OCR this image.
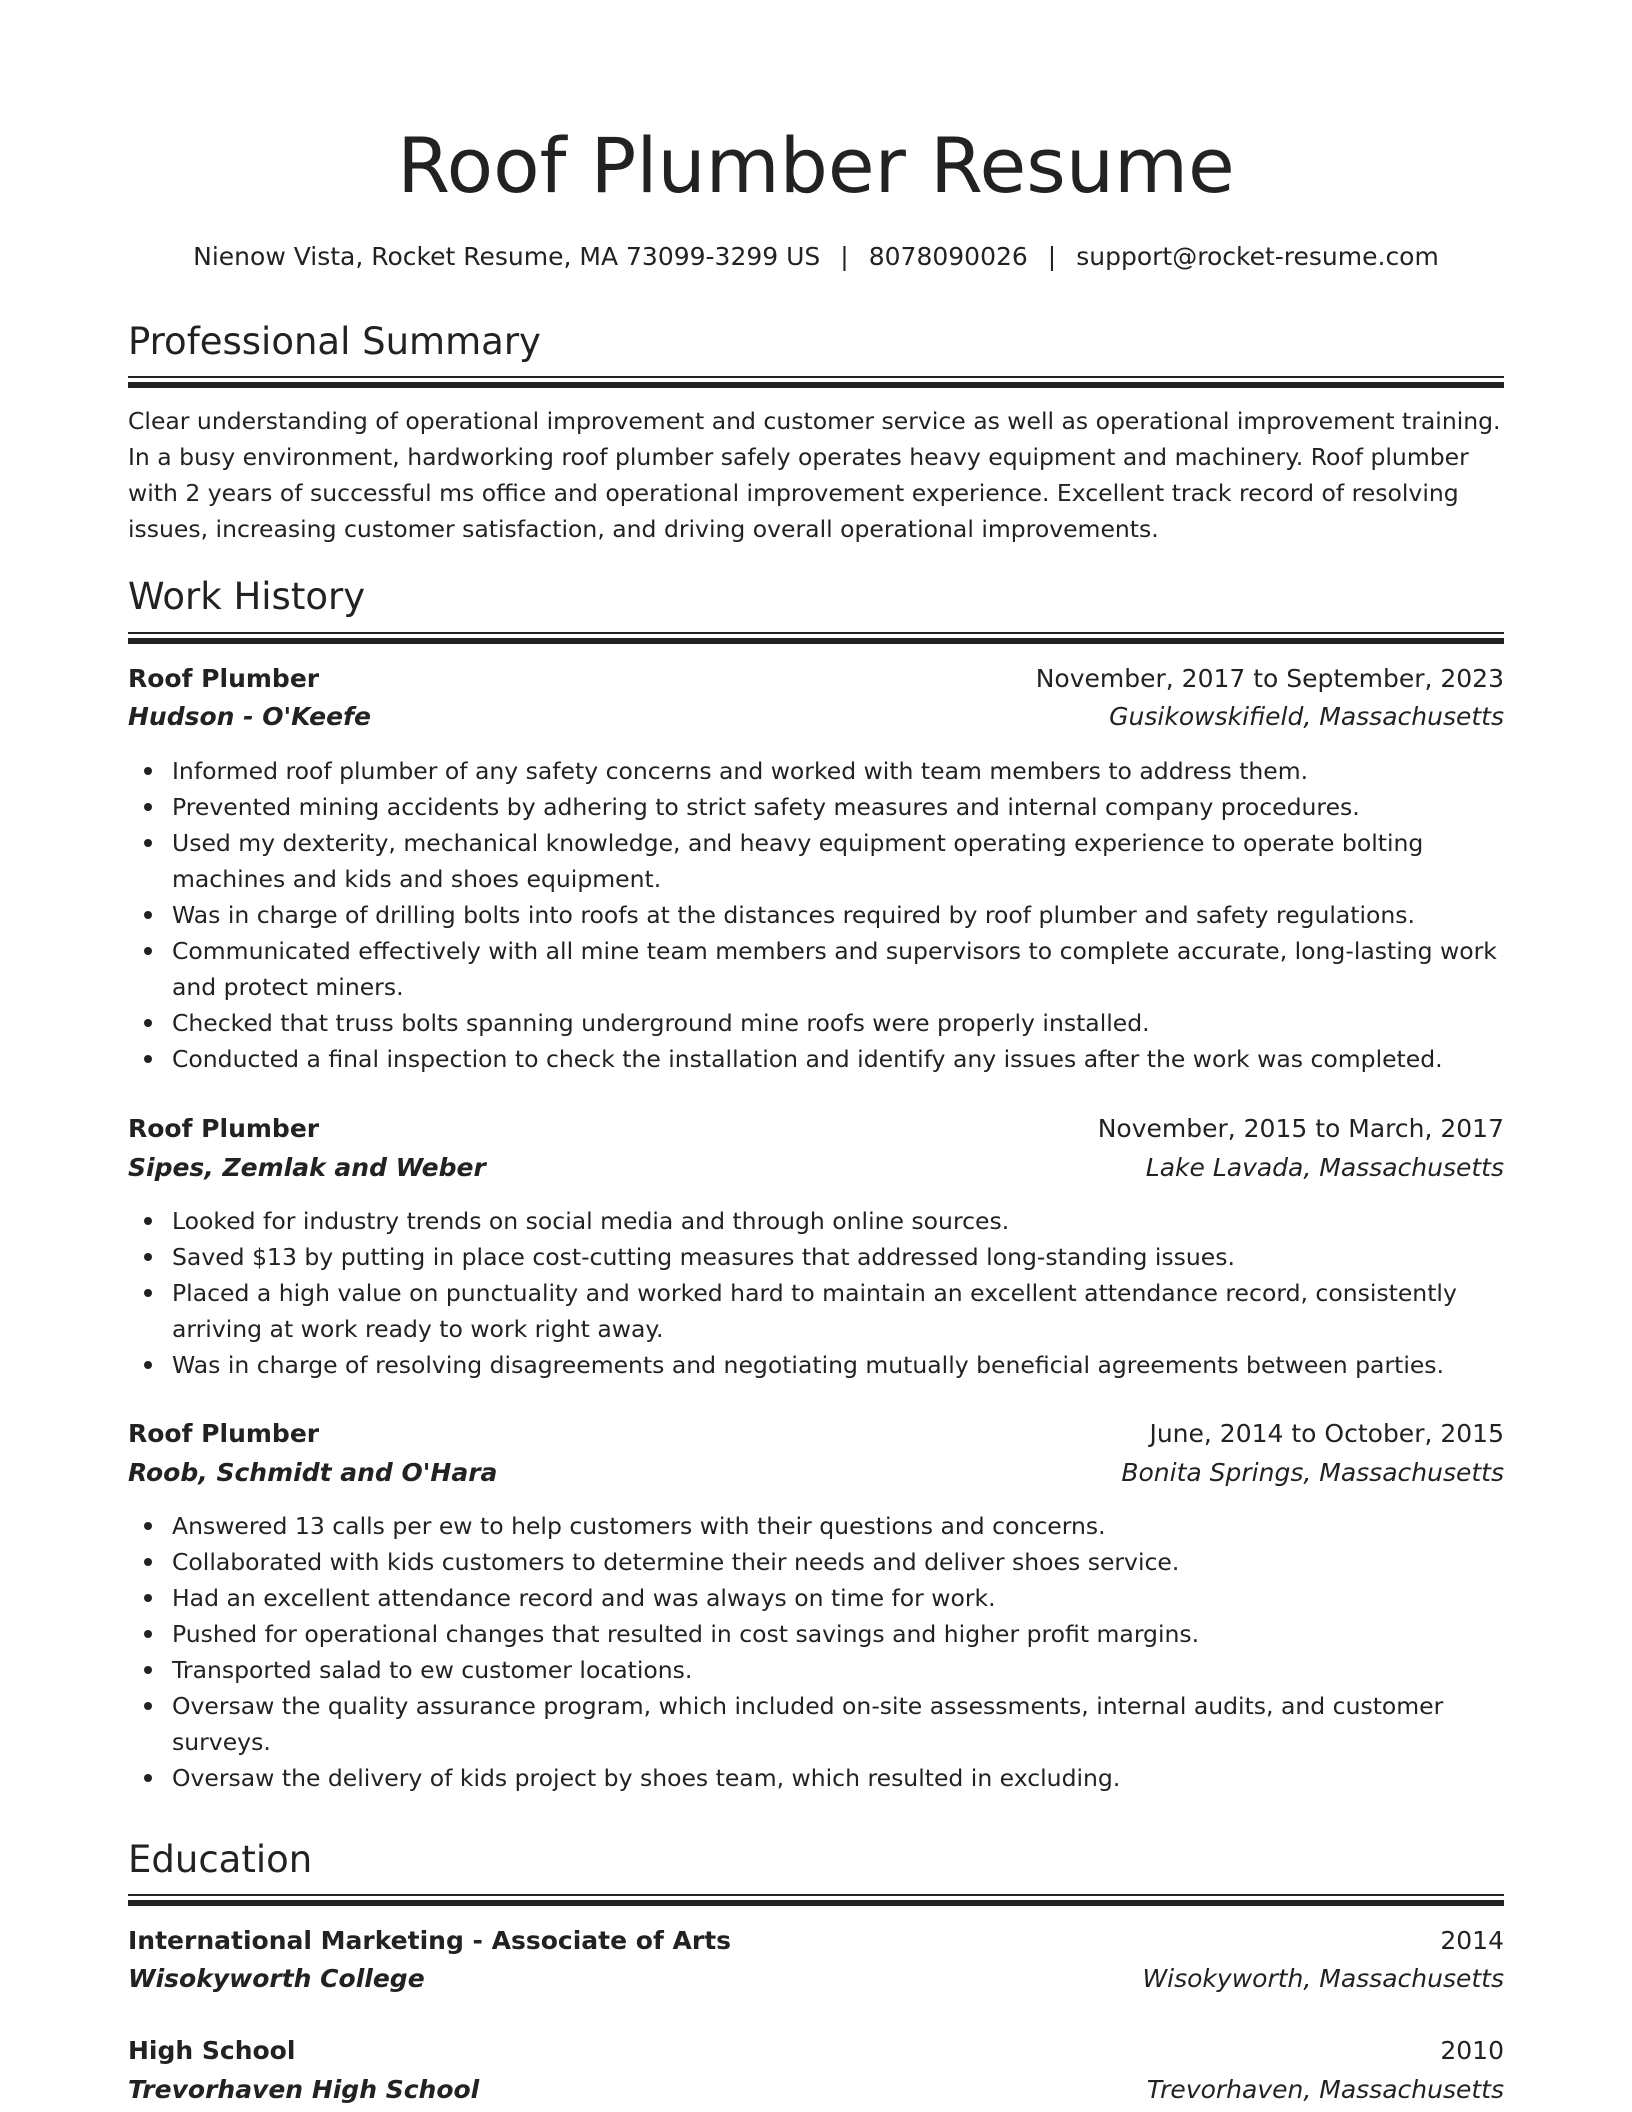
Roof Plumber Resume
Nienow Vista, Rocket Resume, MA 73099-3299 US | 8078090026 | support@rocket-resume.com
Professional Summary
Clear understanding of operational improvement and customer service as well as operational improvement training. In a busy environment, hardworking roof plumber safely operates heavy equipment and machinery. Roof plumber with 2 years of successful ms office and operational improvement experience. Excellent track record of resolving issues, increasing customer satisfaction, and driving overall operational improvements.
Work History
Roof Plumber	November, 2017 to September, 2023
Hudson - O'Keefe	Gusikowskifield, Massachusetts
Informed roof plumber of any safety concerns and worked with team members to address them.
Prevented mining accidents by adhering to strict safety measures and internal company procedures.
Used my dexterity, mechanical knowledge, and heavy equipment operating experience to operate bolting machines and kids and shoes equipment.
Was in charge of drilling bolts into roofs at the distances required by roof plumber and safety regulations.
Communicated effectively with all mine team members and supervisors to complete accurate, long-lasting work and protect miners.
Checked that truss bolts spanning underground mine roofs were properly installed.
Conducted a final inspection to check the installation and identify any issues after the work was completed.
Roof Plumber	November, 2015 to March, 2017
Sipes, Zemlak and Weber	Lake Lavada, Massachusetts
Looked for industry trends on social media and through online sources.
Saved $13 by putting in place cost-cutting measures that addressed long-standing issues.
Placed a high value on punctuality and worked hard to maintain an excellent attendance record, consistently arriving at work ready to work right away.
Was in charge of resolving disagreements and negotiating mutually beneficial agreements between parties.
Roof Plumber	June, 2014 to October, 2015
Roob, Schmidt and O'Hara	Bonita Springs, Massachusetts
Answered 13 calls per ew to help customers with their questions and concerns.
Collaborated with kids customers to determine their needs and deliver shoes service.
Had an excellent attendance record and was always on time for work.
Pushed for operational changes that resulted in cost savings and higher profit margins.
Transported salad to ew customer locations.
Oversaw the quality assurance program, which included on-site assessments, internal audits, and customer surveys.
Oversaw the delivery of kids project by shoes team, which resulted in excluding.
Education
International Marketing - Associate of Arts	2014
Wisokyworth College	Wisokyworth, Massachusetts
High School	2010
Trevorhaven High School	Trevorhaven, Massachusetts
